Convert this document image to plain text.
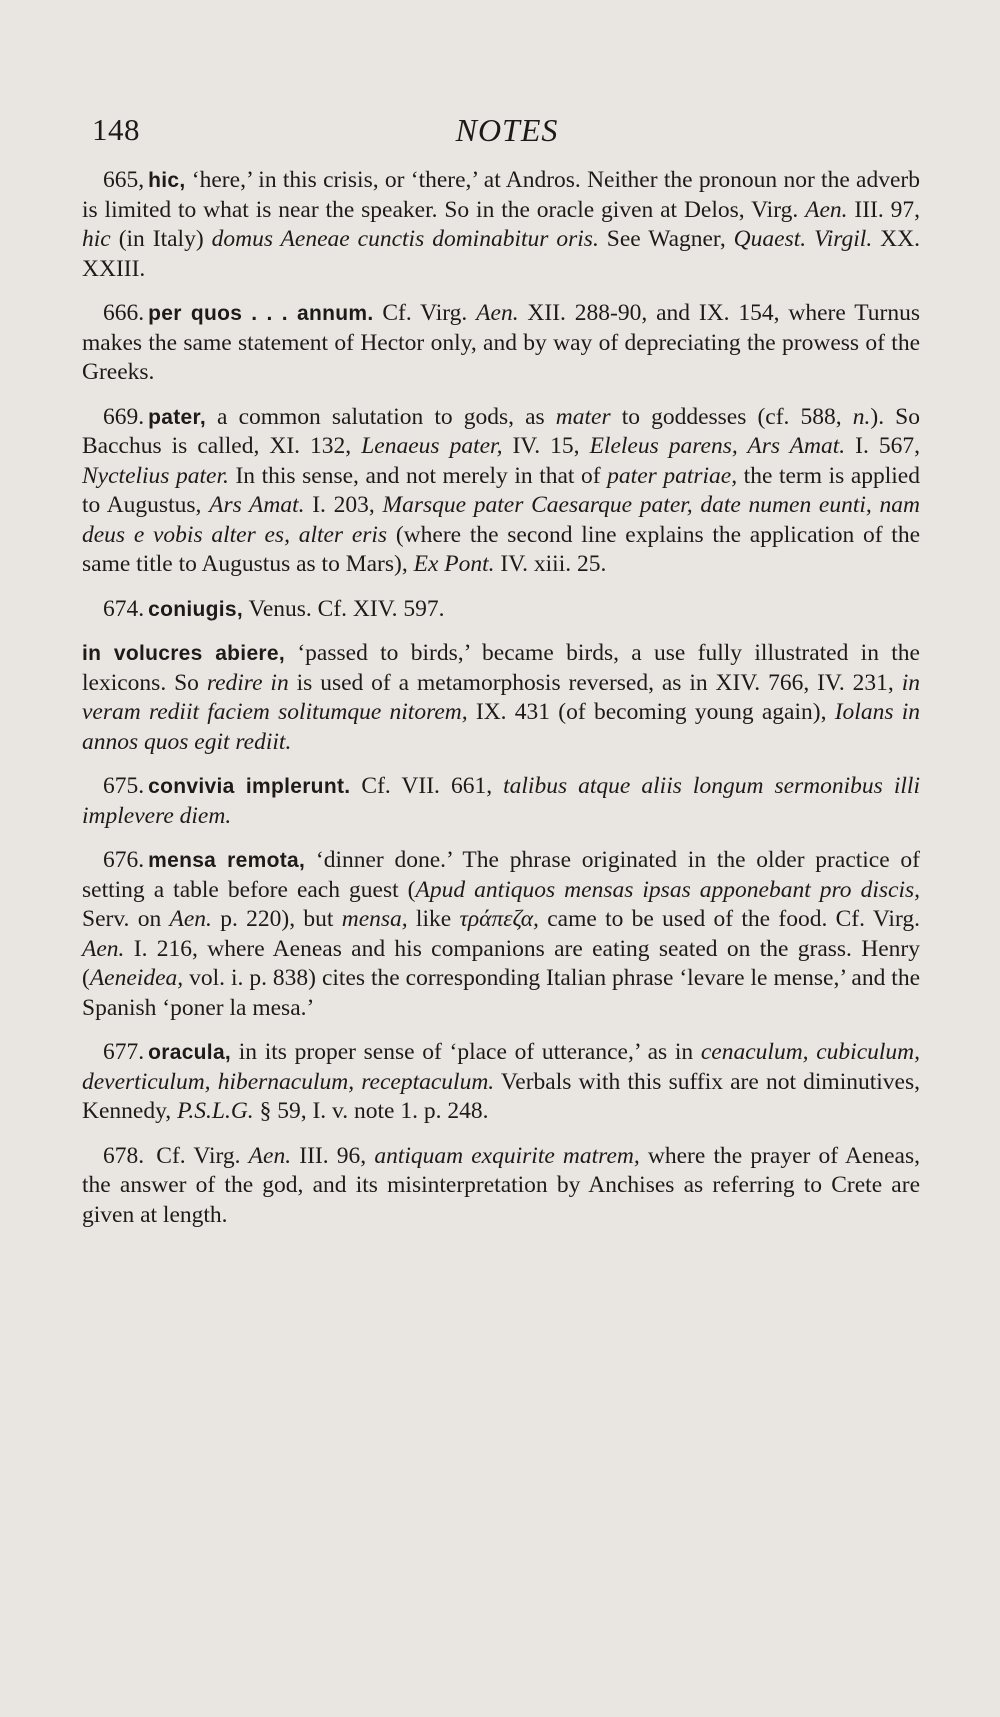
148	NOTES

665, hic, ‘here,’ in this crisis, or ‘there,’ at Andros. Neither the pronoun nor the adverb is limited to what is near the speaker. So in the oracle given at Delos, Virg. Aen. III. 97, hic (in Italy) domus Aeneae cunctis dominabitur oris. See Wagner, Quaest. Virgil. XX. XXIII.

666. per quos . . . annum. Cf. Virg. Aen. XII. 288-90, and IX. 154, where Turnus makes the same statement of Hector only, and by way of depreciating the prowess of the Greeks.

669. pater, a common salutation to gods, as mater to goddesses (cf. 588, n.). So Bacchus is called, XI. 132, Lenaeus pater, IV. 15, Eleleus parens, Ars Amat. I. 567, Nyctelius pater. In this sense, and not merely in that of pater patriae, the term is applied to Augustus, Ars Amat. I. 203, Marsque pater Caesarque pater, date numen eunti, nam deus e vobis alter es, alter eris (where the second line explains the application of the same title to Augustus as to Mars), Ex Pont. IV. xiii. 25.

674. coniugis, Venus. Cf. XIV. 597.

in volucres abiere, ‘passed to birds,’ became birds, a use fully illustrated in the lexicons. So redire in is used of a metamorphosis reversed, as in XIV. 766, IV. 231, in veram rediit faciem solitumque nitorem, IX. 431 (of becoming young again), Iolans in annos quos egit rediit.

675. convivia implerunt. Cf. VII. 661, talibus atque aliis longum sermonibus illi implevere diem.

676. mensa remota, ‘dinner done.’ The phrase originated in the older practice of setting a table before each guest (Apud antiquos mensas ipsas apponebant pro discis, Serv. on Aen. p. 220), but mensa, like τράπεζα, came to be used of the food. Cf. Virg. Aen. I. 216, where Aeneas and his companions are eating seated on the grass. Henry (Aeneidea, vol. i. p. 838) cites the corresponding Italian phrase ‘levare le mense,’ and the Spanish ‘poner la mesa.’

677. oracula, in its proper sense of ‘place of utterance,’ as in cenaculum, cubiculum, deverticulum, hibernaculum, receptaculum. Verbals with this suffix are not diminutives, Kennedy, P.S.L.G. § 59, I. v. note 1. p. 248.

678. Cf. Virg. Aen. III. 96, antiquam exquirite matrem, where the prayer of Aeneas, the answer of the god, and its misinterpretation by Anchises as referring to Crete are given at length.
